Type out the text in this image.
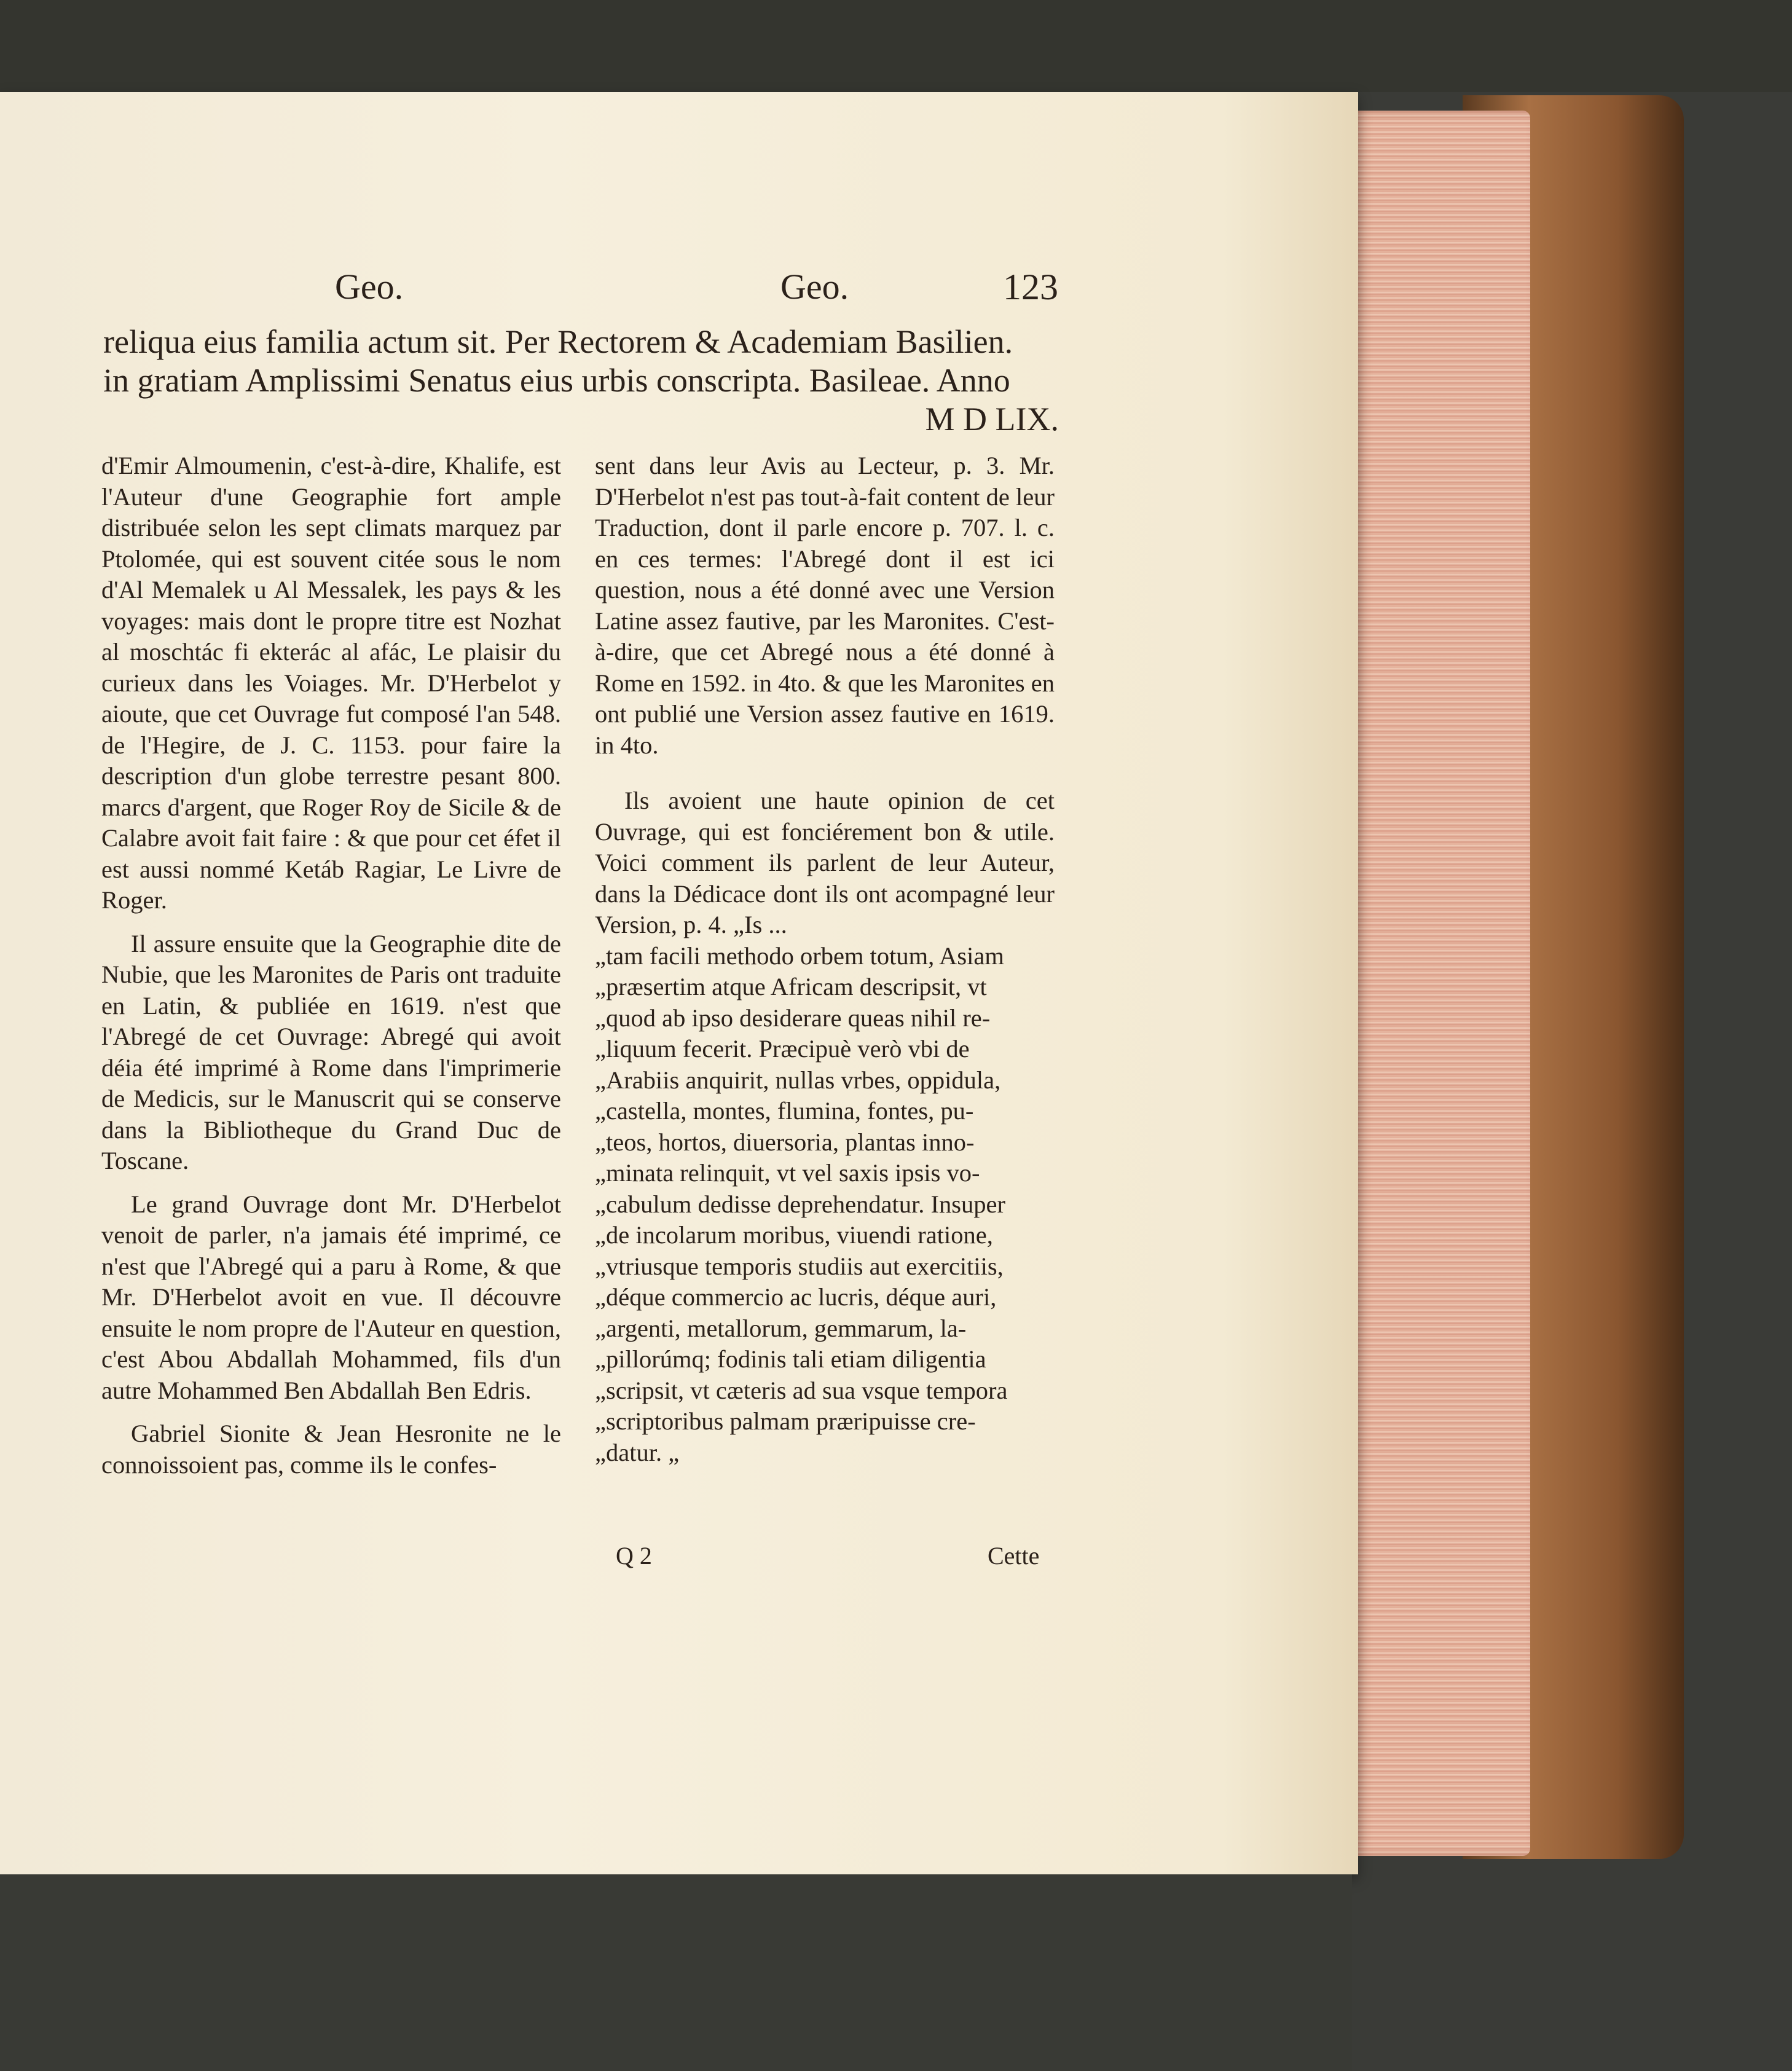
Geo.	Geo.	123

reliqua eius familia actum sit. Per Rectorem & Academiam Basilien.

in gratiam Amplissimi Senatus eius urbis conscripta. Basileae. Anno

M D LIX.

d'Emir Almoumenin, c'est-à-dire, Khalife, est l'Auteur d'une Geographie fort ample distribuée selon les sept climats marquez par Ptolomée, qui est souvent citée sous le nom d'Al Memalek u Al Messalek, les pays & les voyages: mais dont le propre titre est Nozhat al moschtác fi ekterác al afác, Le plaisir du curieux dans les Voiages. Mr. D'Herbelot y aioute, que cet Ouvrage fut composé l'an 548. de l'Hegire, de J. C. 1153. pour faire la description d'un globe terrestre pesant 800. marcs d'argent, que Roger Roy de Sicile & de Calabre avoit fait faire : & que pour cet éfet il est aussi nommé Ketáb Ragiar, Le Livre de Roger.

Il assure ensuite que la Geographie dite de Nubie, que les Maronites de Paris ont traduite en Latin, & publiée en 1619. n'est que l'Abregé de cet Ouvrage: Abregé qui avoit déia été imprimé à Rome dans l'imprimerie de Medicis, sur le Manuscrit qui se conserve dans la Bibliotheque du Grand Duc de Toscane.

Le grand Ouvrage dont Mr. D'Herbelot venoit de parler, n'a jamais été imprimé, ce n'est que l'Abregé qui a paru à Rome, & que Mr. D'Herbelot avoit en vue. Il découvre ensuite le nom propre de l'Auteur en question, c'est Abou Abdallah Mohammed, fils d'un autre Mohammed Ben Abdallah Ben Edris.

Gabriel Sionite & Jean Hesronite ne le connoissoient pas, comme ils le confes-

sent dans leur Avis au Lecteur, p. 3. Mr. D'Herbelot n'est pas tout-à-fait content de leur Traduction, dont il parle encore p. 707. l. c. en ces termes: l'Abregé dont il est ici question, nous a été donné avec une Version Latine assez fautive, par les Maronites. C'est-à-dire, que cet Abregé nous a été donné à Rome en 1592. in 4to. & que les Maronites en ont publié une Version assez fautive en 1619. in 4to.

Ils avoient une haute opinion de cet Ouvrage, qui est fonciérement bon & utile. Voici comment ils parlent de leur Auteur, dans la Dédicace dont ils ont acompagné leur Version, p. 4. „Is ...

„tam facili methodo orbem totum, Asiam
„præsertim atque Africam descripsit, vt
„quod ab ipso desiderare queas nihil re-
„liquum fecerit. Præcipuè verò vbi de
„Arabiis anquirit, nullas vrbes, oppidula,
„castella, montes, flumina, fontes, pu-
„teos, hortos, diuersoria, plantas inno-
„minata relinquit, vt vel saxis ipsis vo-
„cabulum dedisse deprehendatur. Insuper
„de incolarum moribus, viuendi ratione,
„vtriusque temporis studiis aut exercitiis,
„déque commercio ac lucris, déque auri,
„argenti, metallorum, gemmarum, la-
„pillorúmq; fodinis tali etiam diligentia
„scripsit, vt cæteris ad sua vsque tempora
„scriptoribus palmam præripuisse cre-
„datur. „
Q 2	Cette
